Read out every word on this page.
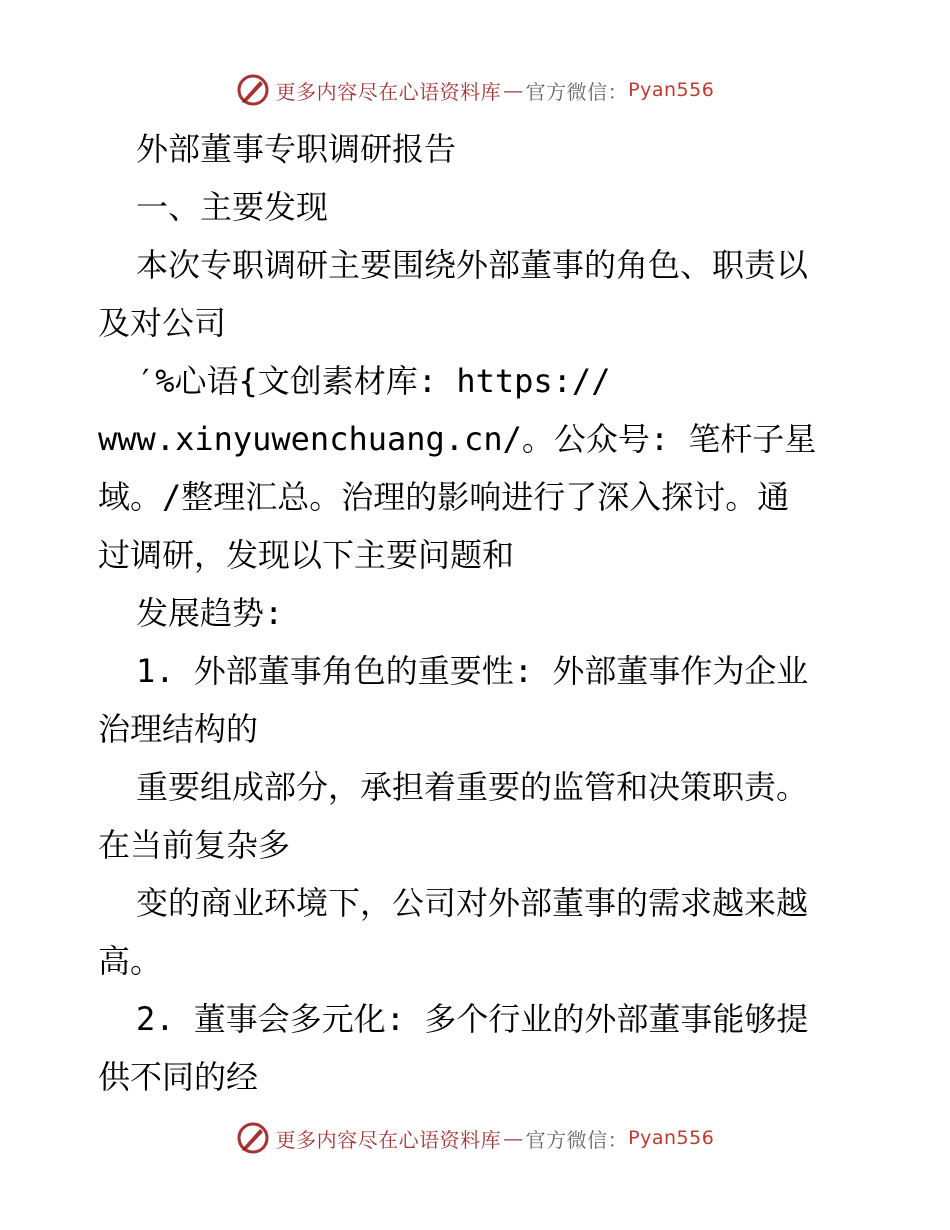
更多内容尽在心语资料库 — 官方微信： Pyan556
外部董事专职调研报告
一、主要发现
本次专职调研主要围绕外部董事的角色、职责以
及对公司
′%心语{文创素材库: https://
www.xinyuwenchuang.cn/。公众号: 笔杆子星
域。/整理汇总。治理的影响进行了深入探讨。通
过调研，发现以下主要问题和
发展趋势:
1. 外部董事角色的重要性: 外部董事作为企业
治理结构的
重要组成部分，承担着重要的监管和决策职责。
在当前复杂多
变的商业环境下，公司对外部董事的需求越来越
高。
2. 董事会多元化: 多个行业的外部董事能够提
供不同的经
更多内容尽在心语资料库 — 官方微信： Pyan556
